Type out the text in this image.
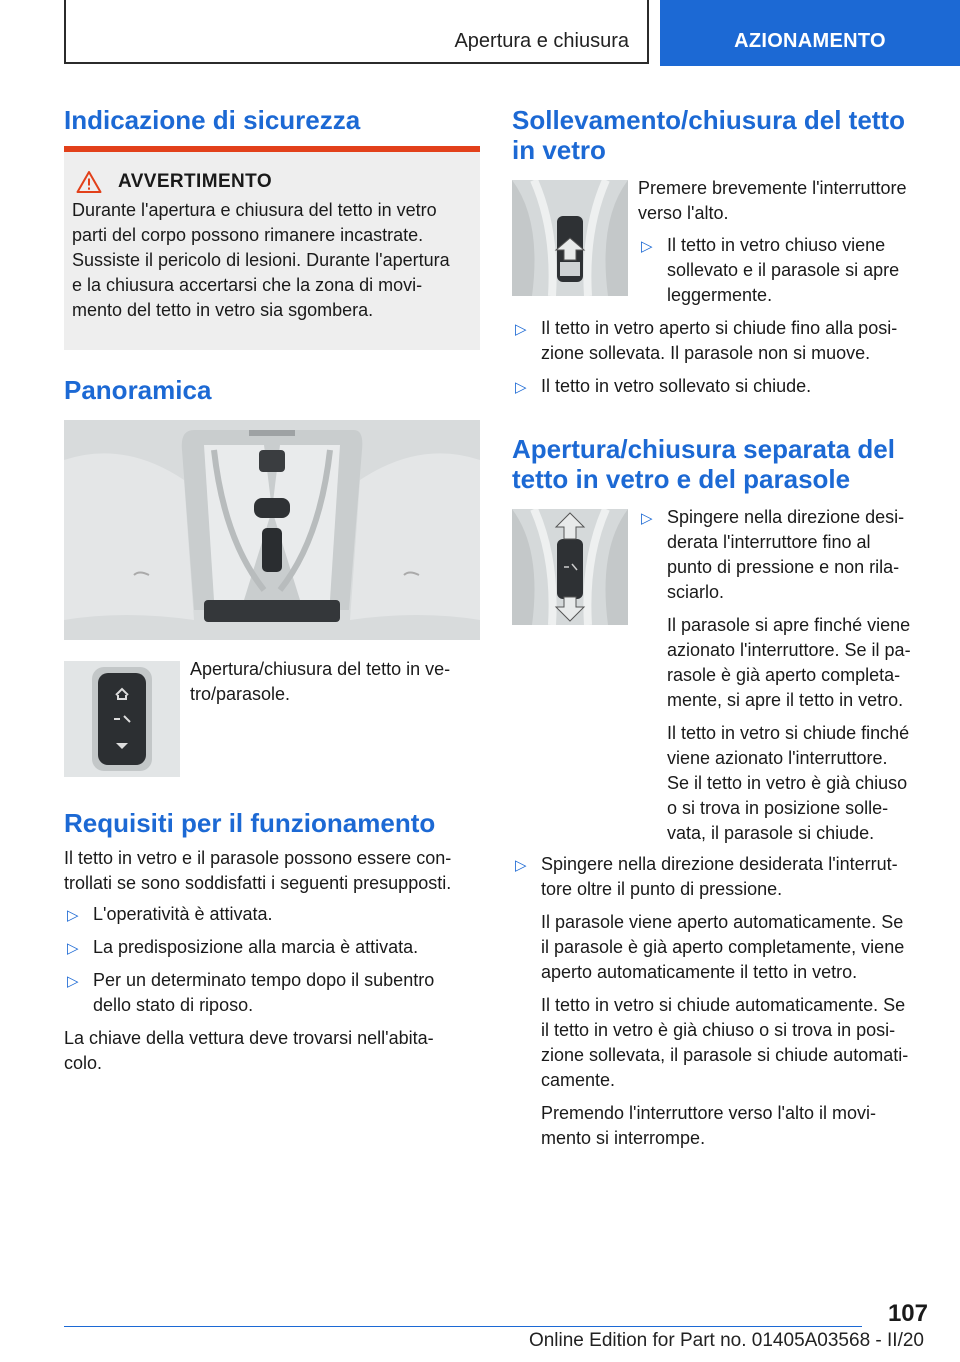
Apertura e chiusura	AZIONAMENTO
Indicazione di sicurezza
AVVERTIMENTO

Durante l'apertura e chiusura del tetto in vetro
parti del corpo possono rimanere incastrate.
Sussiste il pericolo di lesioni. Durante l'apertura
e la chiusura accertarsi che la zona di movi-
mento del tetto in vetro sia sgombera.

Panoramica

Apertura/chiusura del tetto in ve-
tro/parasole.

Requisiti per il funzionamento

Il tetto in vetro e il parasole possono essere con-
trollati se sono soddisfatti i seguenti presupposti.

▷ L'operatività è attivata.
▷ La predisposizione alla marcia è attivata.
▷ Per un determinato tempo dopo il subentro
dello stato di riposo.

La chiave della vettura deve trovarsi nell'abita-
colo.

Sollevamento/chiusura del tetto
in vetro

Premere brevemente l'interruttore
verso l'alto.

▷ Il tetto in vetro chiuso viene
sollevato e il parasole si apre
leggermente.
▷ Il tetto in vetro aperto si chiude fino alla posi-
zione sollevata. Il parasole non si muove.
▷ Il tetto in vetro sollevato si chiude.
Apertura/chiusura separata del
tetto in vetro e del parasole
▷ Spingere nella direzione desi-
derata l'interruttore fino al
punto di pressione e non rila-
sciarlo.
Il parasole si apre finché viene
azionato l'interruttore. Se il pa-
rasole è già aperto completa-
mente, si apre il tetto in vetro.
Il tetto in vetro si chiude finché
viene azionato l'interruttore.
Se il tetto in vetro è già chiuso
o si trova in posizione solle-
vata, il parasole si chiude.
▷ Spingere nella direzione desiderata l'interrut-
tore oltre il punto di pressione.
Il parasole viene aperto automaticamente. Se
il parasole è già aperto completamente, viene
aperto automaticamente il tetto in vetro.
Il tetto in vetro si chiude automaticamente. Se
il tetto in vetro è già chiuso o si trova in posi-
zione sollevata, il parasole si chiude automati-
camente.
Premendo l'interruttore verso l'alto il movi-
mento si interrompe.
107
Online Edition for Part no. 01405A03568 - II/20
